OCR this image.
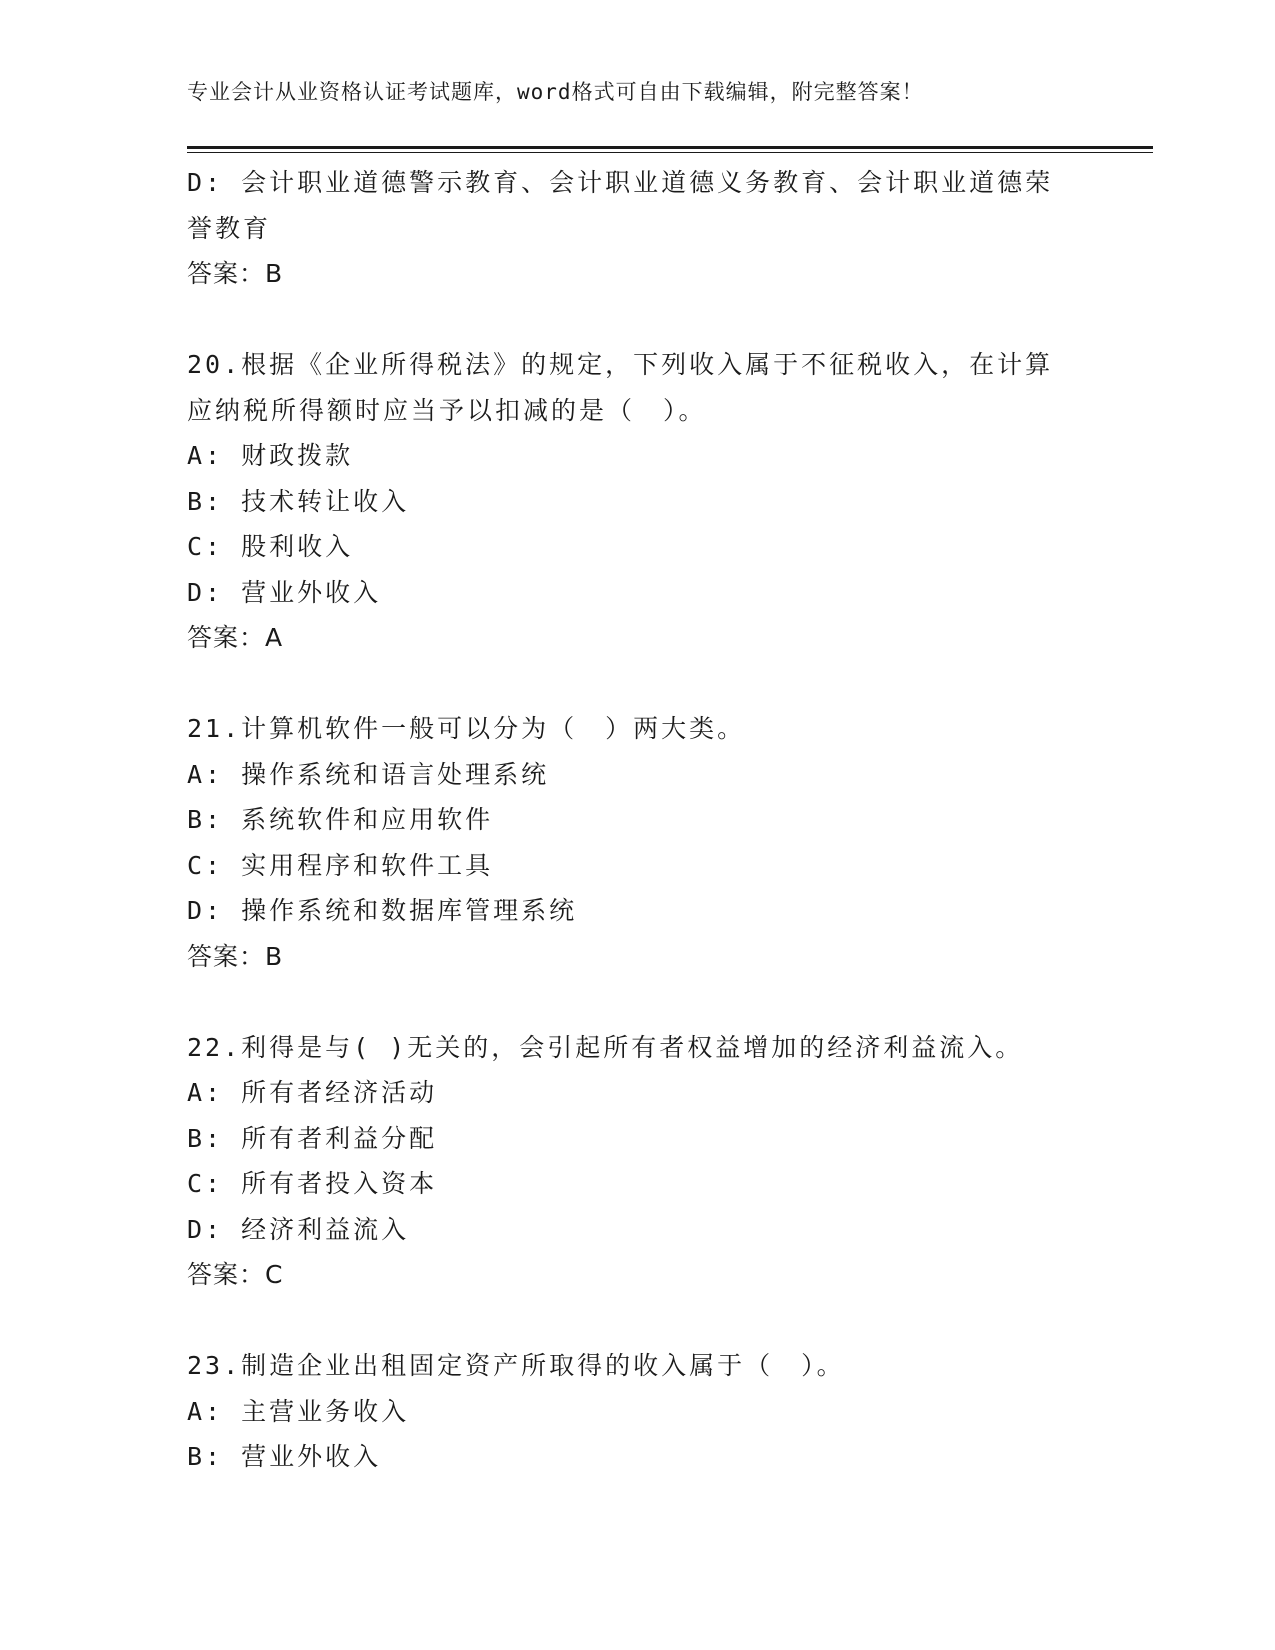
专业会计从业资格认证考试题库，word格式可自由下载编辑，附完整答案！
D: 会计职业道德警示教育、会计职业道德义务教育、会计职业道德荣
誉教育
答案：B
20.根据《企业所得税法》的规定，下列收入属于不征税收入，在计算
应纳税所得额时应当予以扣减的是（　）。
A: 财政拨款
B: 技术转让收入
C: 股利收入
D: 营业外收入
答案：A
21.计算机软件一般可以分为（　）两大类。
A: 操作系统和语言处理系统
B: 系统软件和应用软件
C: 实用程序和软件工具
D: 操作系统和数据库管理系统
答案：B
22.利得是与( )无关的，会引起所有者权益增加的经济利益流入。
A: 所有者经济活动
B: 所有者利益分配
C: 所有者投入资本
D: 经济利益流入
答案：C
23.制造企业出租固定资产所取得的收入属于（　）。
A: 主营业务收入
B: 营业外收入
